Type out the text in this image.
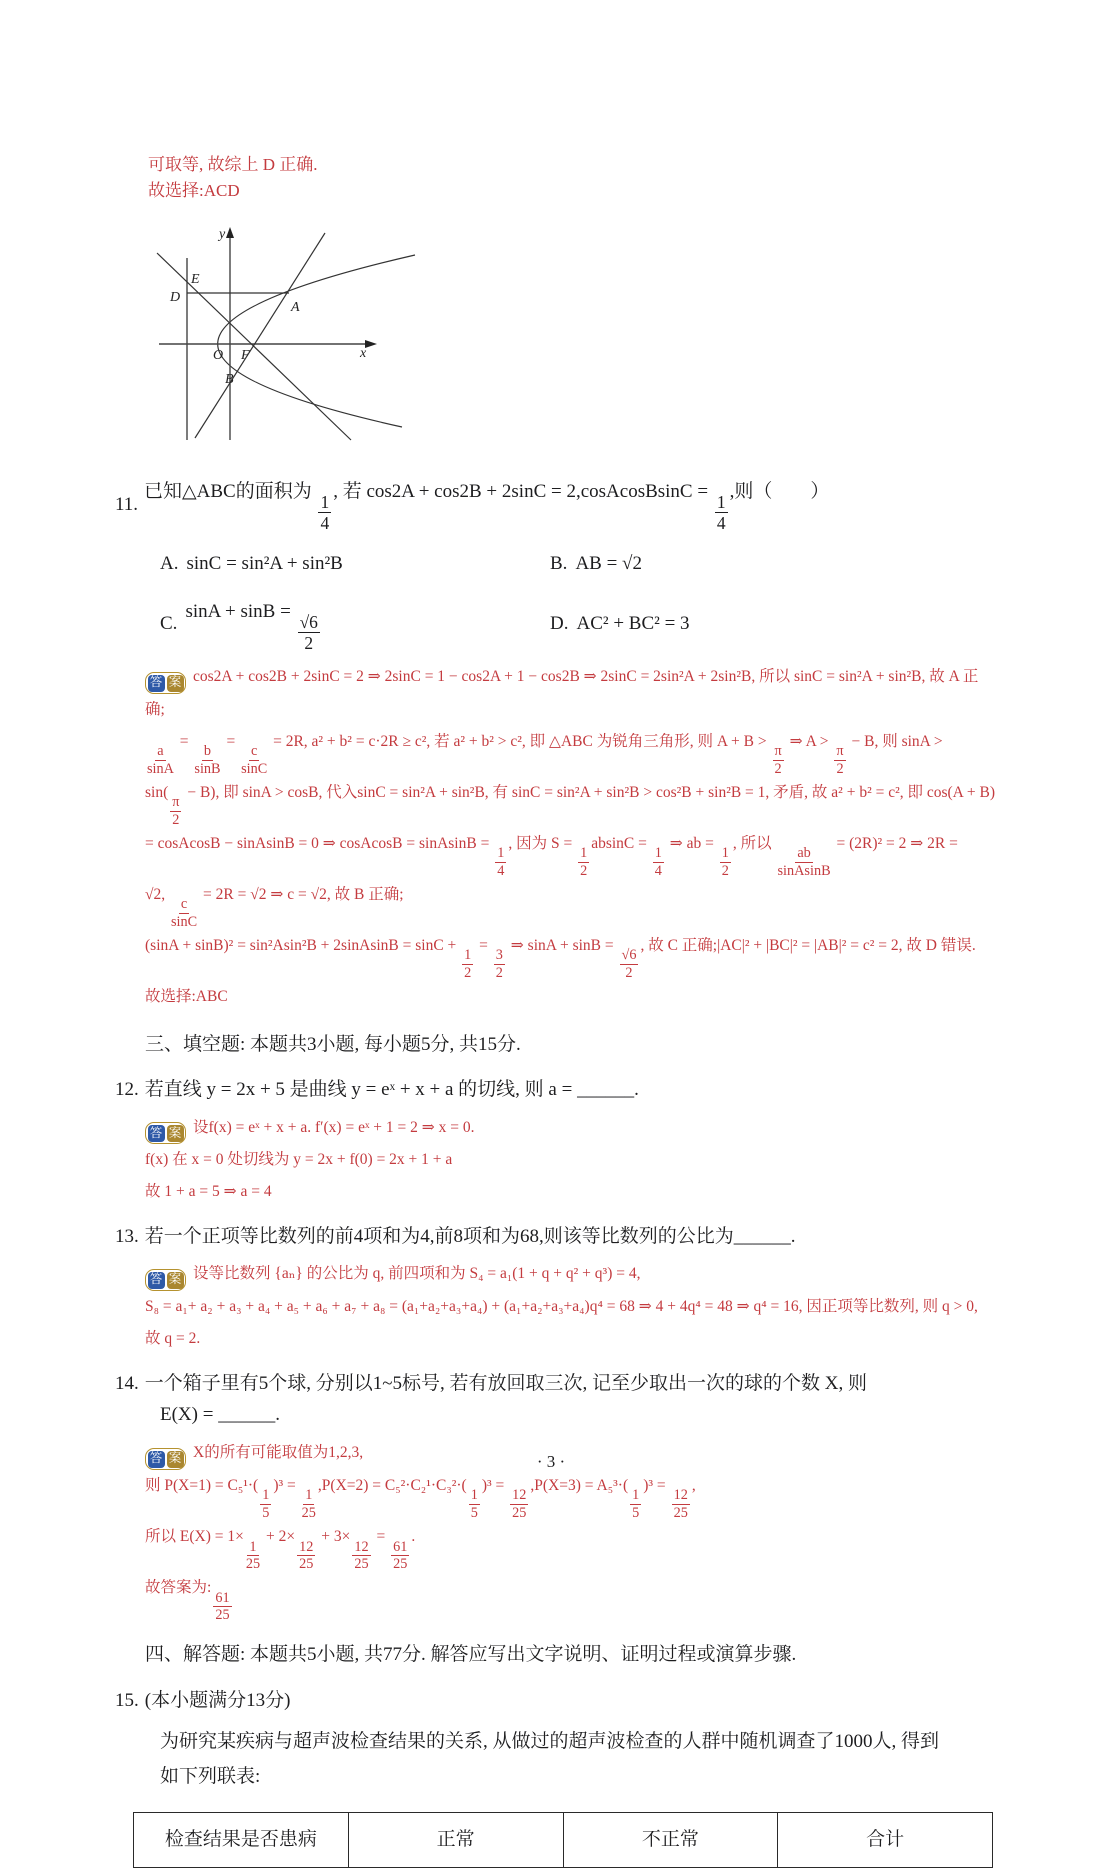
可取等, 故综上 D 正确.
故选择:ACD
y
x
O F
A
B
D
E
11.
已知△ABC的面积为
$\frac{1}{4}$
, 若 cos2A + cos2B + 2sinC = 2,cosAcosBsinC =
$\frac{1}{4}$
,则（　　）
A. sinC = sin²A + sin²B	B. AB = √2
C.
sinA + sinB =
$\frac{√6}{2}$	D. AC² + BC² = 3
答 案 cos2A + cos2B + 2sinC = 2 ⇒ 2sinC = 1 − cos2A + 1 − cos2B ⇒ 2sinC = 2sin²A + 2sin²B, 所以 sinC = sin²A + sin²B, 故 A 正确;
$\frac{a}{\sin A}$
=
$\frac{b}{\sin B}$
=
$\frac{c}{\sin C}$
= 2R, a² + b² = c·2R ≥ c², 若 a² + b² > c², 即 △ABC 为锐角三角形, 则 A + B >
$\frac{\pi}{2}$
⇒ A >
$\frac{\pi}{2}$
− B, 则 sinA >
sin(
$\frac{\pi}{2}$
− B), 即 sinA > cosB, 代入sinC = sin²A + sin²B, 有 sinC = sin²A + sin²B > cos²B + sin²B = 1, 矛盾, 故 a² + b² = c², 即 cos(A + B)
= cosAcosB − sinAsinB = 0 ⇒ cosAcosB = sinAsinB =
$\frac{1}{4}$
, 因为 S =
$\frac{1}{2}$
absinC =
$\frac{1}{4}$
⇒ ab =
$\frac{1}{2}$
, 所以
$\frac{ab}{\text{sinAsinB}}$
= (2R)² = 2 ⇒ 2R =
√2,
$\frac{c}{\sin C}$
= 2R = √2 ⇒ c = √2, 故 B 正确;
(sinA + sinB)² = sin²Asin²B + 2sinAsinB = sinC +
$\frac{1}{2}$
=
$\frac{3}{2}$
⇒ sinA + sinB =
$\frac{√6}{2}$
, 故 C 正确;|AC|² + |BC|² = |AB|² = c² = 2, 故 D 错误.
故选择:ABC
三、填空题: 本题共3小题, 每小题5分, 共15分.
12. 若直线 y = 2x + 5 是曲线 y = eˣ + x + a 的切线, 则 a = ______.
答 案 设f(x) = eˣ + x + a. f′(x) = eˣ + 1 = 2 ⇒ x = 0.
f(x) 在 x = 0 处切线为 y = 2x + f(0) = 2x + 1 + a
故 1 + a = 5 ⇒ a = 4
13. 若一个正项等比数列的前4项和为4,前8项和为68,则该等比数列的公比为______.
答 案 设等比数列 {aₙ} 的公比为 q, 前四项和为 S₄ = a₁(1 + q + q² + q³) = 4,
S₈ = a₁+ a₂ + a₃ + a₄ + a₅ + a₆ + a₇ + a₈ = (a₁+a₂+a₃+a₄) + (a₁+a₂+a₃+a₄)q⁴ = 68 ⇒ 4 + 4q⁴ = 48 ⇒ q⁴ = 16, 因正项等比数列, 则 q > 0,
故 q = 2.
14. 一个箱子里有5个球, 分别以1~5标号, 若有放回取三次, 记至少取出一次的球的个数 X, 则
E(X) = ______.
答 案 X的所有可能取值为1,2,3,
则 P(X=1) = C₅¹·(
$\frac{1}{5}$
)³ =
$\frac{1}{25}$
,P(X=2) = C₅²·C₂¹·C₃²·(
$\frac{1}{5}$
)³ =
$\frac{12}{25}$
,P(X=3) = A₅³·(
$\frac{1}{5}$
)³ =
$\frac{12}{25}$
,
所以 E(X) = 1×
$\frac{1}{25}$
+ 2×
$\frac{12}{25}$
+ 3×
$\frac{12}{25}$
=
$\frac{61}{25}$
.
故答案为:
$\frac{61}{25}$
四、解答题: 本题共5小题, 共77分. 解答应写出文字说明、证明过程或演算步骤.
15. (本小题满分13分)
为研究某疾病与超声波检查结果的关系, 从做过的超声波检查的人群中随机调查了1000人, 得到
如下列联表:
检查结果是否患病	正常	不正常	合计
· 3 ·
